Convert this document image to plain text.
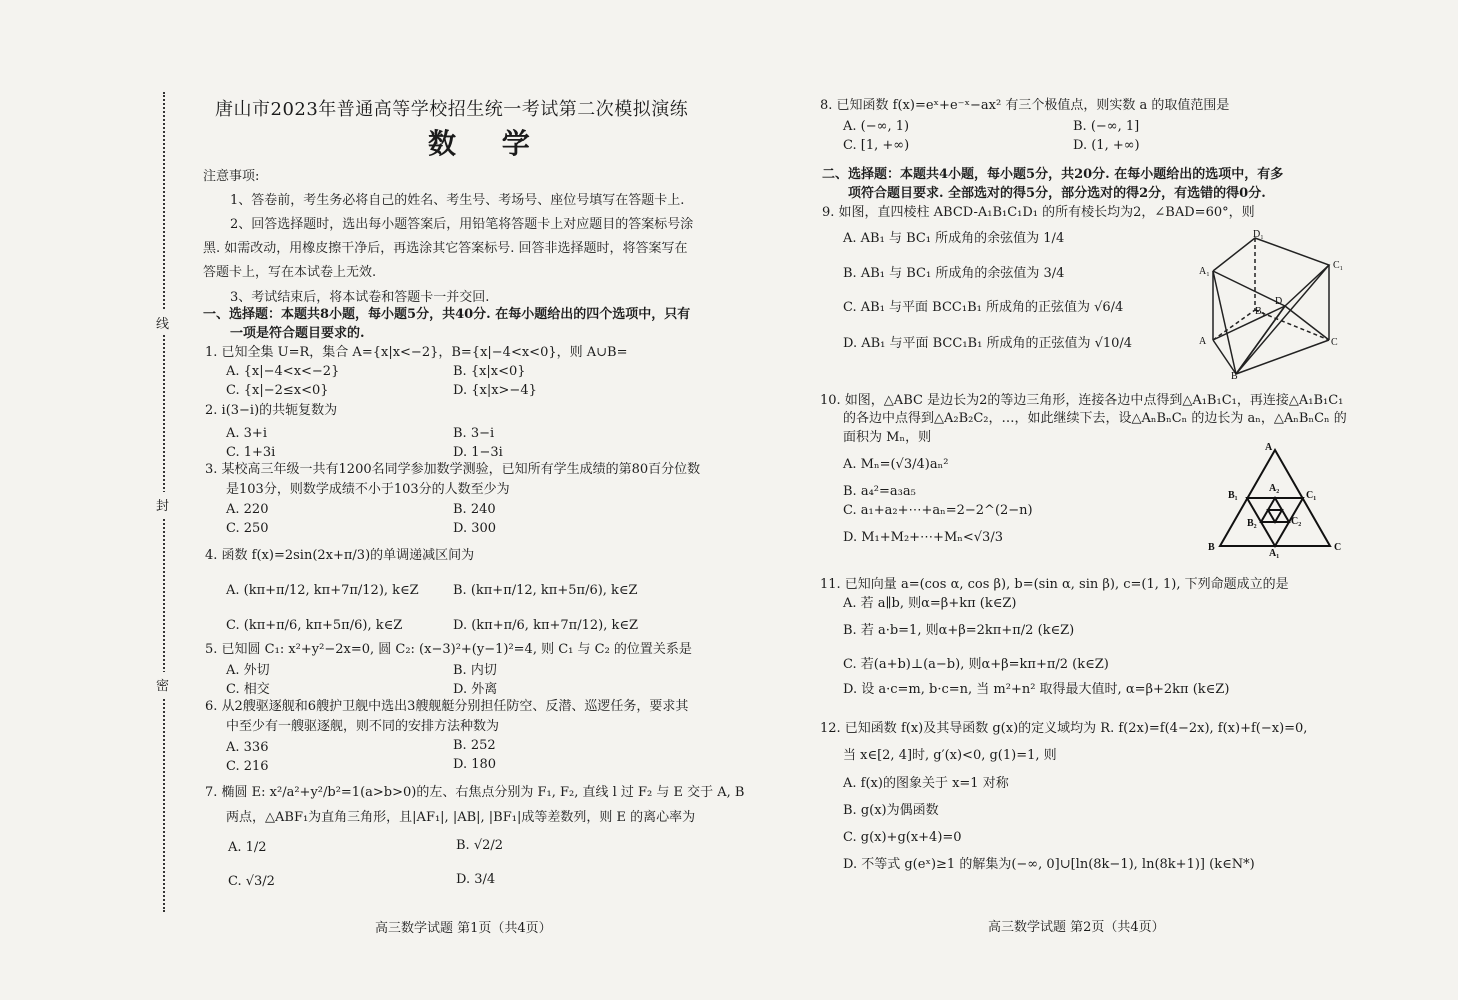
线
封
密
唐山市2023年普通高等学校招生统一考试第二次模拟演练
数 学
注意事项:
1、答卷前，考生务必将自己的姓名、考生号、考场号、座位号填写在答题卡上.
2、回答选择题时，选出每小题答案后，用铅笔将答题卡上对应题目的答案标号涂
黑. 如需改动，用橡皮擦干净后，再选涂其它答案标号. 回答非选择题时，将答案写在
答题卡上，写在本试卷上无效.
3、考试结束后，将本试卷和答题卡一并交回.
一、选择题：本题共8小题，每小题5分，共40分. 在每小题给出的四个选项中，只有
一项是符合题目要求的.
1. 已知全集 U=R，集合 A={x|x<−2}，B={x|−4<x<0}，则 A∪B=
A. {x|−4<x<−2}	B. {x|x<0}
C. {x|−2≤x<0}	D. {x|x>−4}
2. i(3−i)的共轭复数为
A. 3+i	B. 3−i
C. 1+3i	D. 1−3i
3. 某校高三年级一共有1200名同学参加数学测验，已知所有学生成绩的第80百分位数
是103分，则数学成绩不小于103分的人数至少为
A. 220	B. 240
C. 250	D. 300
4. 函数 f(x)=2sin(2x+π/3)的单调递减区间为
A. (kπ+π/12, kπ+7π/12), k∈Z	B. (kπ+π/12, kπ+5π/6), k∈Z
C. (kπ+π/6, kπ+5π/6), k∈Z	D. (kπ+π/6, kπ+7π/12), k∈Z
5. 已知圆 C₁: x²+y²−2x=0, 圆 C₂: (x−3)²+(y−1)²=4, 则 C₁ 与 C₂ 的位置关系是
A. 外切	B. 内切
C. 相交	D. 外离
6. 从2艘驱逐舰和6艘护卫舰中选出3艘舰艇分别担任防空、反潜、巡逻任务，要求其
中至少有一艘驱逐舰，则不同的安排方法种数为
A. 336	B. 252
C. 216	D. 180
7. 椭圆 E: x²/a²+y²/b²=1(a>b>0)的左、右焦点分别为 F₁, F₂, 直线 l 过 F₂ 与 E 交于 A, B
两点，△ABF₁为直角三角形，且|AF₁|, |AB|, |BF₁|成等差数列，则 E 的离心率为
A. 1/2	B. √2/2
C. √3/2	D. 3/4
高三数学试题 第1页（共4页）
8. 已知函数 f(x)=eˣ+e⁻ˣ−ax² 有三个极值点，则实数 a 的取值范围是
A. (−∞, 1)	B. (−∞, 1]
C. [1, +∞)	D. (1, +∞)
二、选择题：本题共4小题，每小题5分，共20分. 在每小题给出的选项中，有多
项符合题目要求. 全部选对的得5分，部分选对的得2分，有选错的得0分.
9. 如图，直四棱柱 ABCD-A₁B₁C₁D₁ 的所有棱长均为2，∠BAD=60°，则
A. AB₁ 与 BC₁ 所成角的余弦值为 1/4
B. AB₁ 与 BC₁ 所成角的余弦值为 3/4
C. AB₁ 与平面 BCC₁B₁ 所成角的正弦值为 √6/4
D. AB₁ 与平面 BCC₁B₁ 所成角的正弦值为 √10/4
D₁
A₁
C₁
B₁
D
A	C
B
10. 如图，△ABC 是边长为2的等边三角形，连接各边中点得到△A₁B₁C₁，再连接△A₁B₁C₁
的各边中点得到△A₂B₂C₂，…，如此继续下去，设△AₙBₙCₙ 的边长为 aₙ，△AₙBₙCₙ 的
面积为 Mₙ，则
A. Mₙ=(√3/4)aₙ²
B. a₄²=a₃a₅
C. a₁+a₂+⋯+aₙ=2−2^(2−n)
D. M₁+M₂+⋯+Mₙ<√3/3
A
A₂
B₁	C₁
B₂	C₂
B
A₁
C
11. 已知向量 a=(cos α, cos β), b=(sin α, sin β), c=(1, 1), 下列命题成立的是
A. 若 a∥b, 则α=β+kπ (k∈Z)
B. 若 a·b=1, 则α+β=2kπ+π/2 (k∈Z)
C. 若(a+b)⊥(a−b), 则α+β=kπ+π/2 (k∈Z)
D. 设 a·c=m, b·c=n, 当 m²+n² 取得最大值时, α=β+2kπ (k∈Z)
12. 已知函数 f(x)及其导函数 g(x)的定义域均为 R. f(2x)=f(4−2x), f(x)+f(−x)=0,
当 x∈[2, 4]时, g′(x)<0, g(1)=1, 则
A. f(x)的图象关于 x=1 对称
B. g(x)为偶函数
C. g(x)+g(x+4)=0
D. 不等式 g(eˣ)≥1 的解集为(−∞, 0]∪[ln(8k−1), ln(8k+1)] (k∈N*)
高三数学试题 第2页（共4页）
